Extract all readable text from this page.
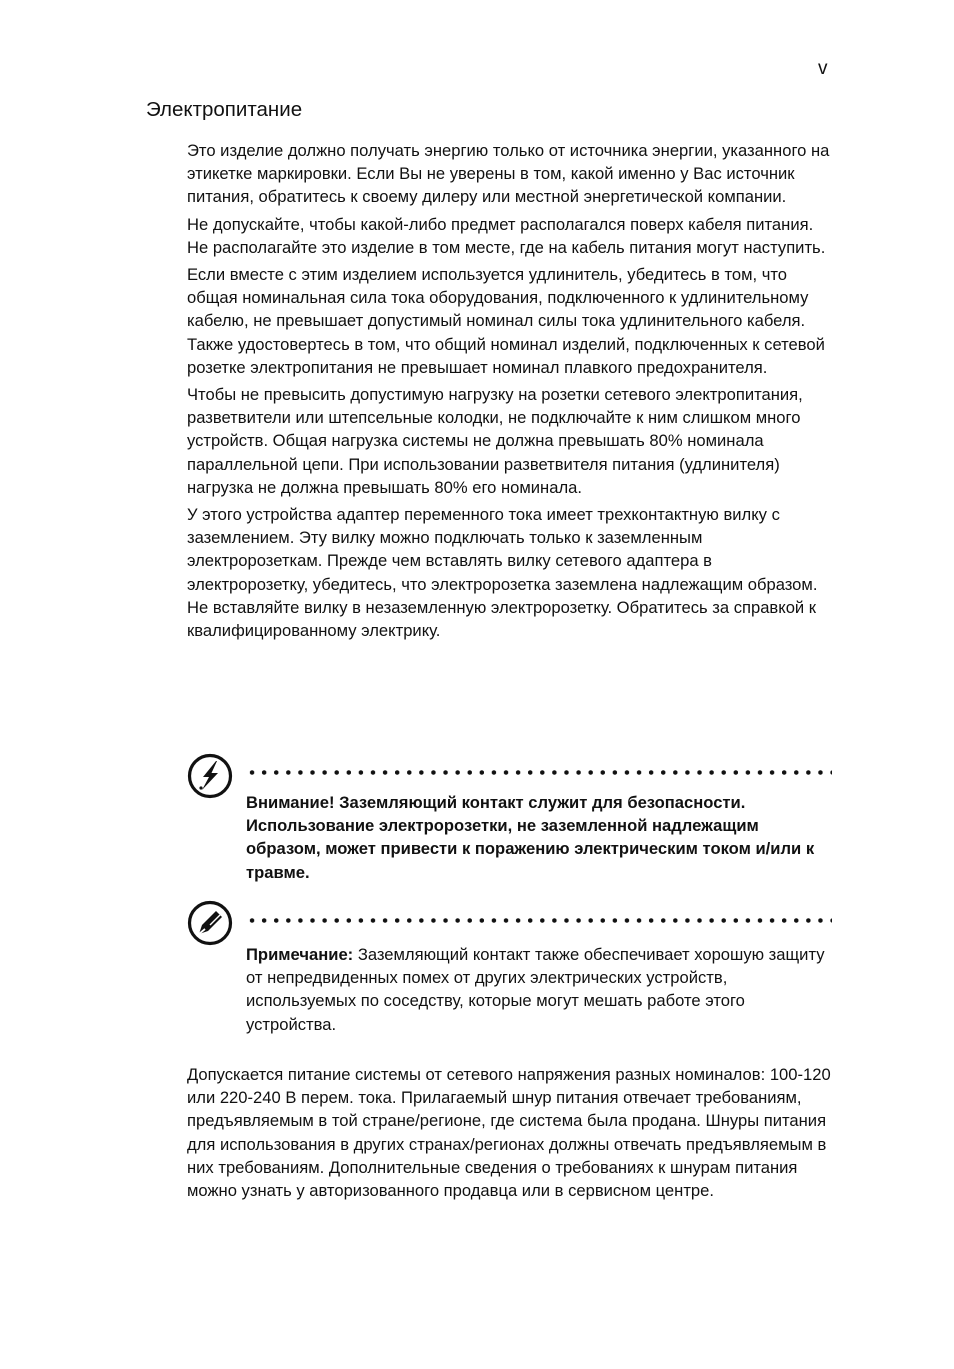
v
Электропитание

Это изделие должно получать энергию только от источника энергии, указанного на этикетке маркировки. Если Вы не уверены в том, какой именно у Вас источник питания, обратитесь к своему дилеру или местной энергетической компании.

Не допускайте, чтобы какой-либо предмет располагался поверх кабеля питания. Не располагайте это изделие в том месте, где на кабель питания могут наступить.

Если вместе с этим изделием используется удлинитель, убедитесь в том, что общая номинальная сила тока оборудования, подключенного к удлинительному кабелю, не превышает допустимый номинал силы тока удлинительного кабеля. Также удостовертесь в том, что общий номинал изделий, подключенных к сетевой розетке электропитания не превышает номинал плавкого предохранителя.

Чтобы не превысить допустимую нагрузку на розетки сетевого электропитания, разветвители или штепсельные колодки, не подключайте к ним слишком много устройств. Общая нагрузка системы не должна превышать 80% номинала параллельной цепи. При использовании разветвителя питания (удлинителя) нагрузка не должна превышать 80% его номинала.

У этого устройства адаптер переменного тока имеет трехконтактную вилку с заземлением. Эту вилку можно подключать только к заземленным электророзеткам. Прежде чем вставлять вилку сетевого адаптера в электророзетку, убедитесь, что электророзетка заземлена надлежащим образом. Не вставляйте вилку в незаземленную электророзетку. Обратитесь за справкой к квалифицированному электрику.

Внимание! Заземляющий контакт служит для безопасности. Использование электророзетки, не заземленной надлежащим образом, может привести к поражению электрическим током и/или к травме.
Примечание: Заземляющий контакт также обеспечивает хорошую защиту от непредвиденных помех от других электрических устройств, используемых по соседству, которые могут мешать работе этого устройства.

Допускается питание системы от сетевого напряжения разных номиналов: 100-120 или 220-240 В перем. тока. Прилагаемый шнур питания отвечает требованиям, предъявляемым в той стране/регионе, где система была продана. Шнуры питания для использования в других странах/регионах должны отвечать предъявляемым в них требованиям. Дополнительные сведения о требованиях к шнурам питания можно узнать у авторизованного продавца или в сервисном центре.
